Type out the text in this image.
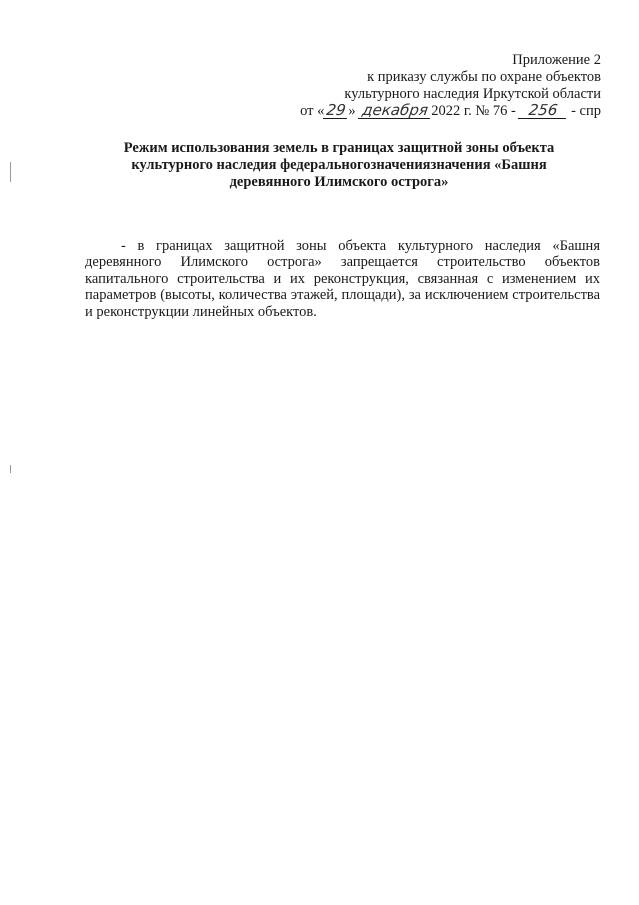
Приложение 2
к приказу службы по охране объектов
культурного наследия Иркутской области
от «29» декабря 2022 г. № 76 - 256 - спр
Режим использования земель в границах защитной зоны объекта культурного наследия федеральногозначениязначения «Башня деревянного Илимского острога»

- в границах защитной зоны объекта культурного наследия «Башня деревянного Илимского острога» запрещается строительство объектов капитального строительства и их реконструкция, связанная с изменением их параметров (высоты, количества этажей, площади), за исключением строительства и реконструкции линейных объектов.
